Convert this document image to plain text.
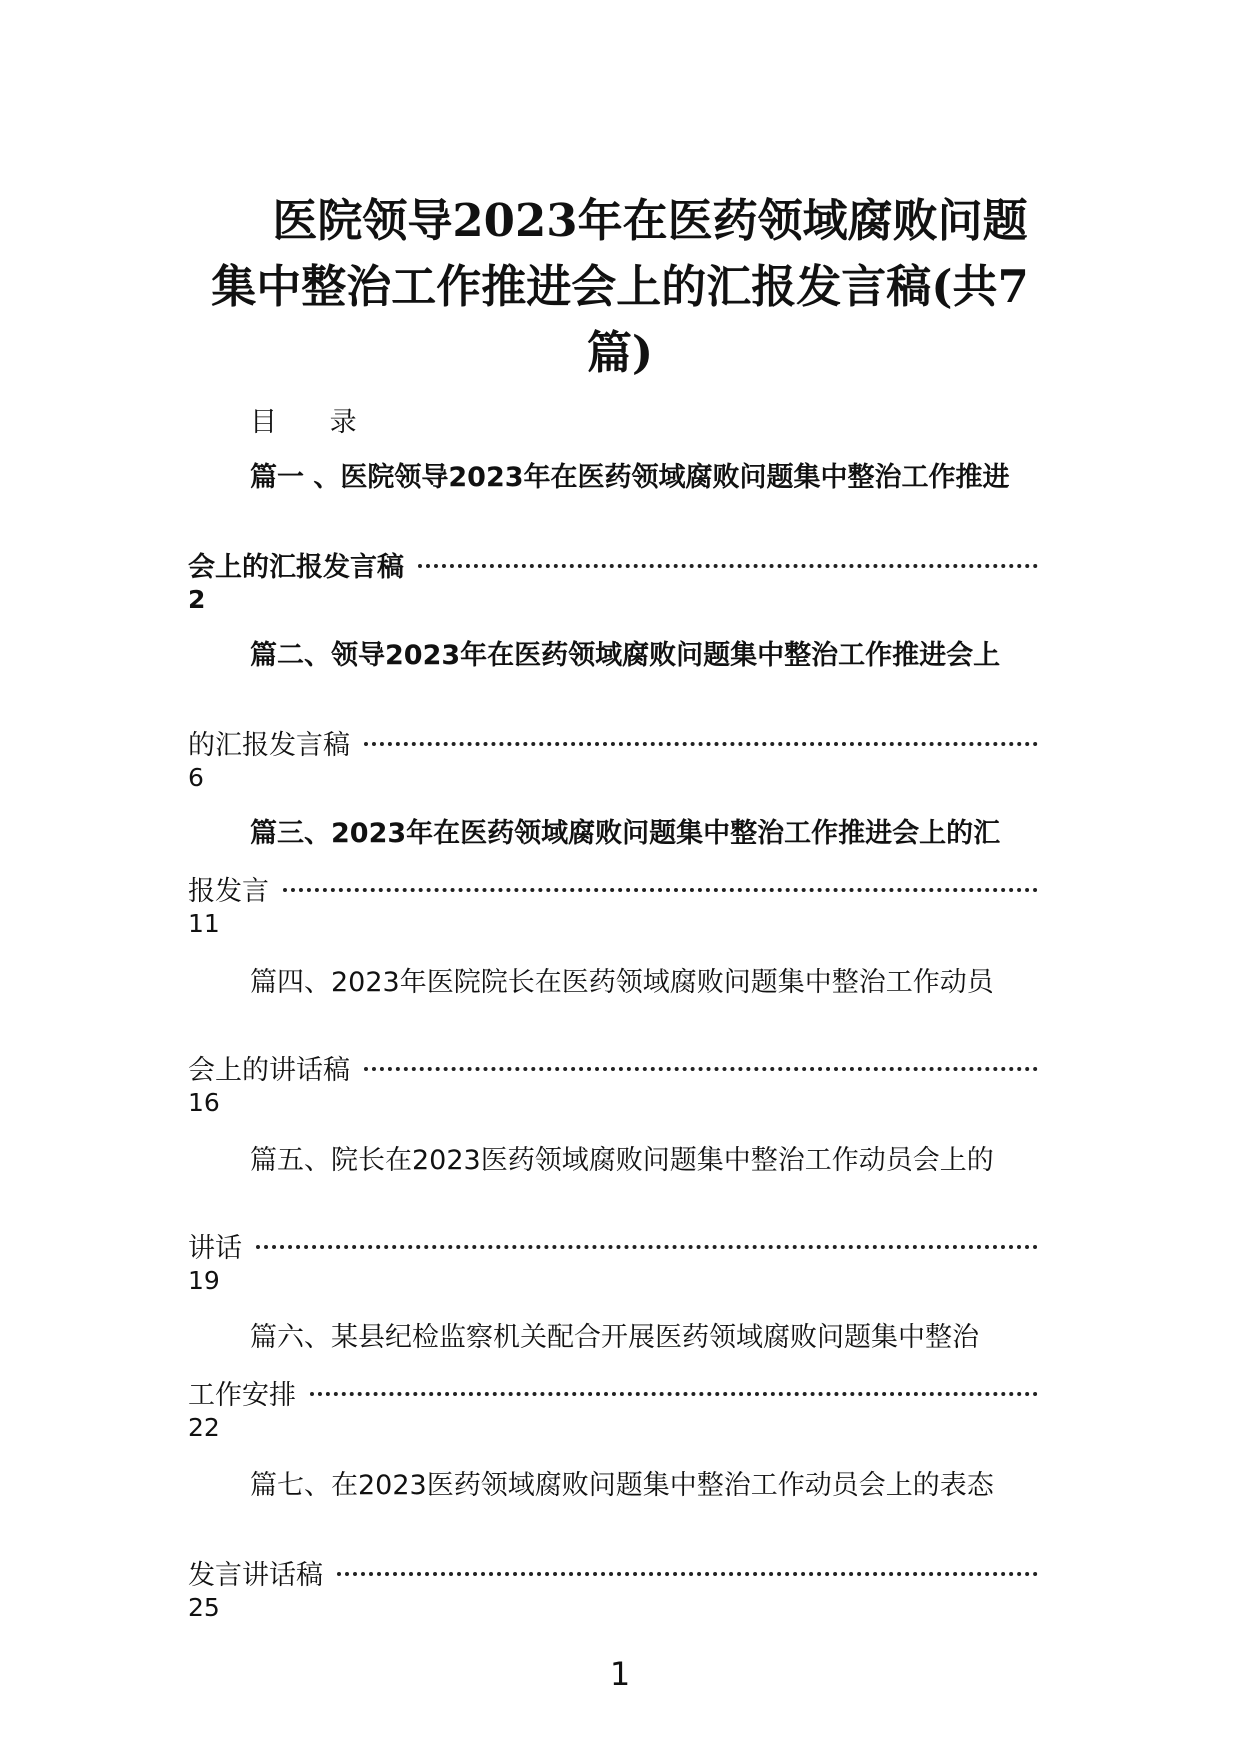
医院领导2023年在医药领域腐败问题
集中整治工作推进会上的汇报发言稿(共7
篇)

目 录

篇一 、医院领导2023年在医药领域腐败问题集中整治工作推进

会上的汇报发言稿
2

篇二、领导2023年在医药领域腐败问题集中整治工作推进会上

的汇报发言稿
6

篇三、2023年在医药领域腐败问题集中整治工作推进会上的汇

报发言
11

篇四、2023年医院院长在医药领域腐败问题集中整治工作动员

会上的讲话稿
16

篇五、院长在2023医药领域腐败问题集中整治工作动员会上的

讲话
19

篇六、某县纪检监察机关配合开展医药领域腐败问题集中整治

工作安排
22

篇七、在2023医药领域腐败问题集中整治工作动员会上的表态

发言讲话稿
25

1
